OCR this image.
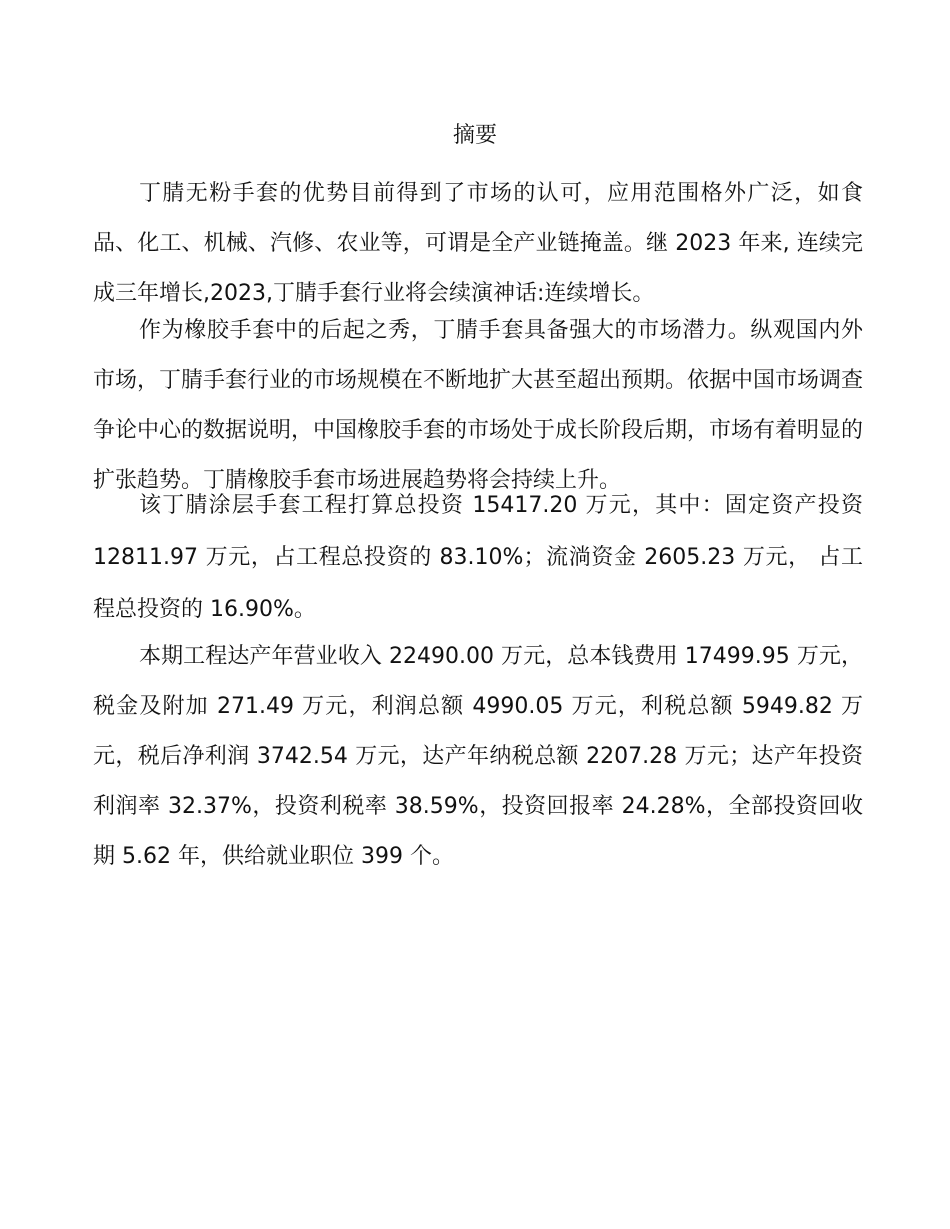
摘要

丁腈无粉手套的优势目前得到了市场的认可，应用范围格外广泛，如食品、化工、机械、汽修、农业等，可谓是全产业链掩盖。继 2023 年来, 连续完成三年增长,2023,丁腈手套行业将会续演神话:连续增长。

作为橡胶手套中的后起之秀，丁腈手套具备强大的市场潜力。纵观国内外市场，丁腈手套行业的市场规模在不断地扩大甚至超出预期。依据中国市场调查争论中心的数据说明，中国橡胶手套的市场处于成长阶段后期，市场有着明显的扩张趋势。丁腈橡胶手套市场进展趋势将会持续上升。

该丁腈涂层手套工程打算总投资 15417.20 万元，其中：固定资产投资 12811.97 万元，占工程总投资的 83.10%；流淌资金 2605.23 万元， 占工程总投资的 16.90%。

本期工程达产年营业收入 22490.00 万元，总本钱费用 17499.95 万元，税金及附加 271.49 万元，利润总额 4990.05 万元，利税总额 5949.82 万元，税后净利润 3742.54 万元，达产年纳税总额 2207.28 万元；达产年投资利润率 32.37%，投资利税率 38.59%，投资回报率 24.28%，全部投资回收期 5.62 年，供给就业职位 399 个。
